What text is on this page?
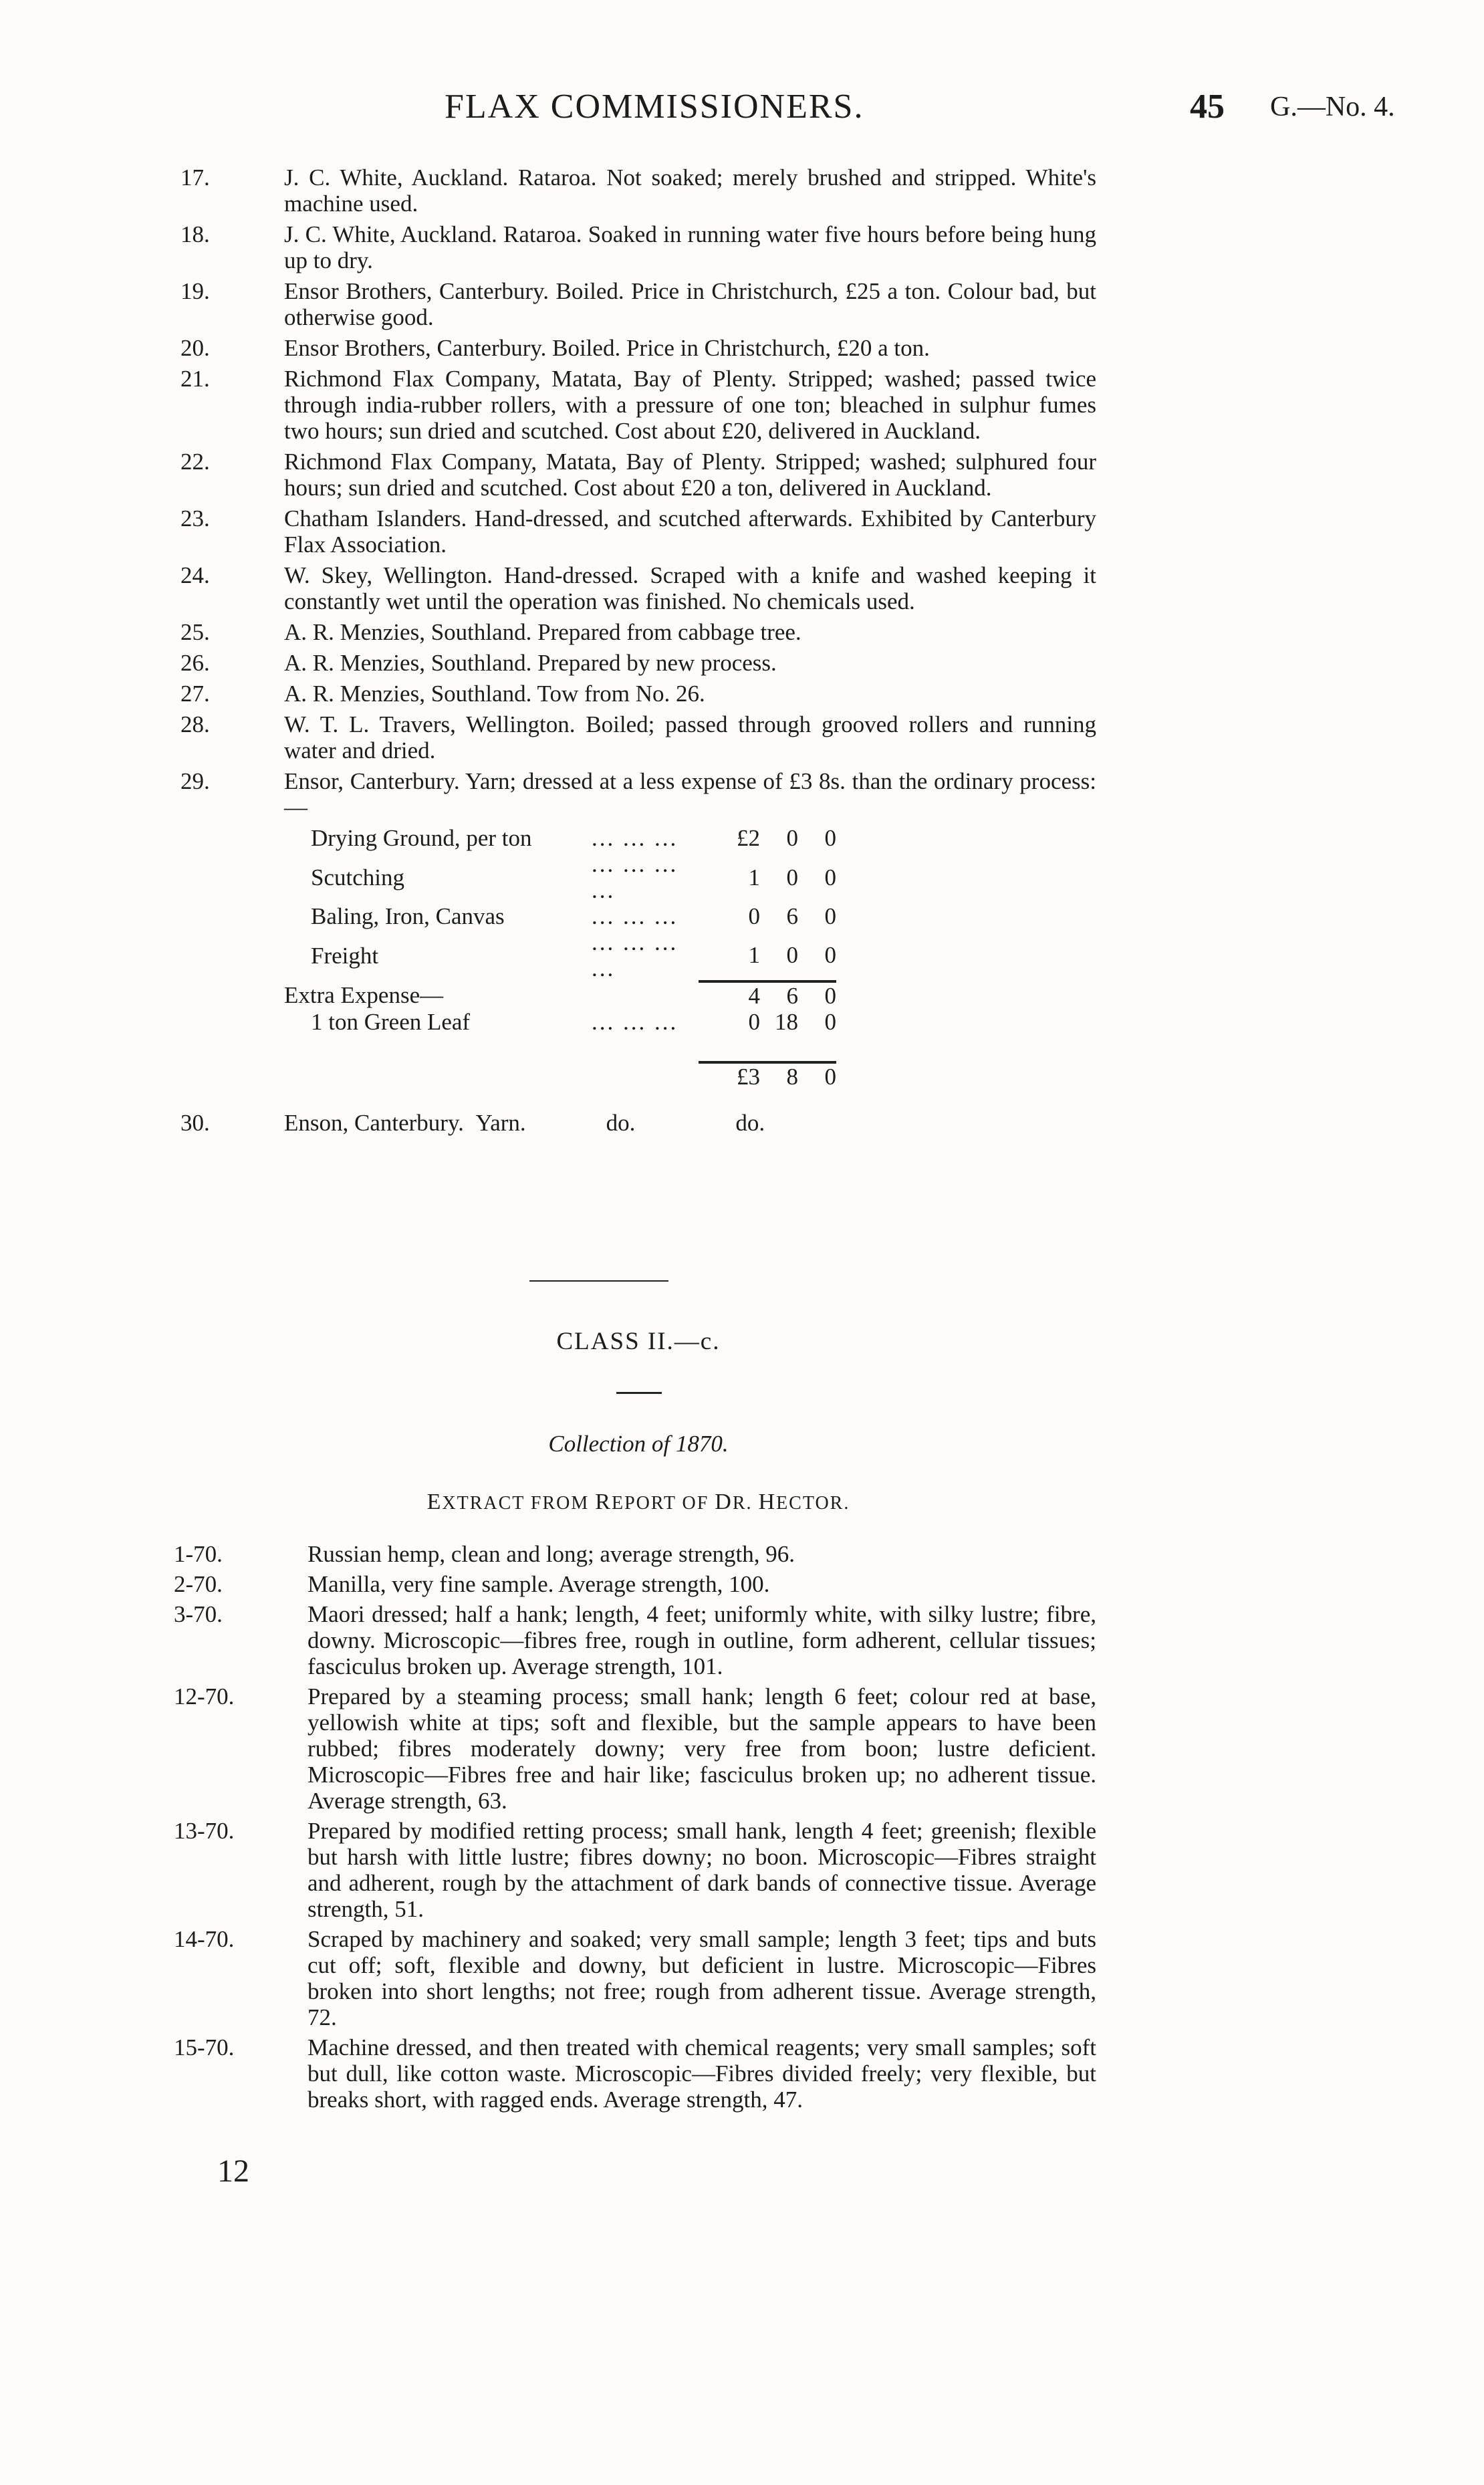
FLAX COMMISSIONERS.	45 G.—No. 4.
17.	J. C. White, Auckland. Rataroa. Not soaked; merely brushed and stripped. White's machine used.
18.	J. C. White, Auckland. Rataroa. Soaked in running water five hours before being hung up to dry.
19.	Ensor Brothers, Canterbury. Boiled. Price in Christchurch, £25 a ton. Colour bad, but otherwise good.
20.	Ensor Brothers, Canterbury. Boiled. Price in Christchurch, £20 a ton.
21.	Richmond Flax Company, Matata, Bay of Plenty. Stripped; washed; passed twice through india-rubber rollers, with a pressure of one ton; bleached in sulphur fumes two hours; sun dried and scutched. Cost about £20, delivered in Auckland.
22.	Richmond Flax Company, Matata, Bay of Plenty. Stripped; washed; sulphured four hours; sun dried and scutched. Cost about £20 a ton, delivered in Auckland.
23.	Chatham Islanders. Hand-dressed, and scutched afterwards. Exhibited by Canterbury Flax Association.
24.	W. Skey, Wellington. Hand-dressed. Scraped with a knife and washed keeping it constantly wet until the operation was finished. No chemicals used.
25.	A. R. Menzies, Southland. Prepared from cabbage tree.
26.	A. R. Menzies, Southland. Prepared by new process.
27.	A. R. Menzies, Southland. Tow from No. 26.
28.	W. T. L. Travers, Wellington. Boiled; passed through grooved rollers and running water and dried.
29.	Ensor, Canterbury. Yarn; dressed at a less expense of £3 8s. than the ordinary process:—
Drying Ground, per ton	... ... ...	£2	0	0
Scutching	... ... ... ...	1	0	0
Baling, Iron, Canvas	... ... ...	0	6	0
Freight	... ... ... ...	1	0	0
Extra Expense—		4	6	0
1 ton Green Leaf	... ... ...	0	18	0

		£3	8	0
30.	Enson, Canterbury. Yarn.	do.	do.
CLASS II.—c.
Collection of 1870.
EXTRACT FROM REPORT OF DR. HECTOR.
1-70.	Russian hemp, clean and long; average strength, 96.
2-70.	Manilla, very fine sample. Average strength, 100.
3-70.	Maori dressed; half a hank; length, 4 feet; uniformly white, with silky lustre; fibre, downy. Microscopic—fibres free, rough in outline, form adherent, cellular tissues; fasciculus broken up. Average strength, 101.
12-70.	Prepared by a steaming process; small hank; length 6 feet; colour red at base, yellowish white at tips; soft and flexible, but the sample appears to have been rubbed; fibres moderately downy; very free from boon; lustre deficient. Microscopic—Fibres free and hair like; fasciculus broken up; no adherent tissue. Average strength, 63.
13-70.	Prepared by modified retting process; small hank, length 4 feet; greenish; flexible but harsh with little lustre; fibres downy; no boon. Microscopic—Fibres straight and adherent, rough by the attachment of dark bands of connective tissue. Average strength, 51.
14-70.	Scraped by machinery and soaked; very small sample; length 3 feet; tips and buts cut off; soft, flexible and downy, but deficient in lustre. Microscopic—Fibres broken into short lengths; not free; rough from adherent tissue. Average strength, 72.
15-70.	Machine dressed, and then treated with chemical reagents; very small samples; soft but dull, like cotton waste. Microscopic—Fibres divided freely; very flexible, but breaks short, with ragged ends. Average strength, 47.
12
